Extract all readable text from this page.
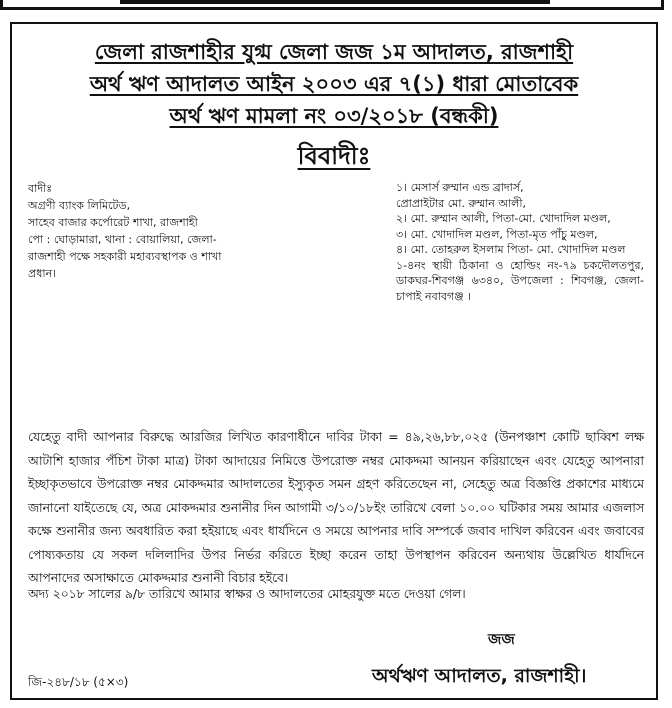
জেলা রাজশাহীর যুগ্ম জেলা জজ ১ম আদালত, রাজশাহী
অর্থ ঋণ আদালত আইন ২০০৩ এর ৭(১) ধারা মোতাবেক
অর্থ ঋণ মামলা নং ০৩/২০১৮ (বন্ধকী)
বিবাদীঃ
বাদীঃ
অগ্রণী ব্যাংক লিমিটেড,
সাহেব বাজার কর্পোরেট শাখা, রাজশাহী
পো : ঘোড়ামারা, থানা : বোয়ালিয়া, জেলা-
রাজশাহী পক্ষে সহকারী মহাব্যবস্থাপক ও শাখা
প্রধান।
১। মেসার্স রুম্মান এন্ড ব্রাদার্স,
প্রোপ্রাইটার মো. রুম্মান আলী,
২। মো. রুম্মান আলী, পিতা-মো. খোদাদিল মণ্ডল,
৩। মো. খোদাদিল মণ্ডল, পিতা-মৃত পাঁচু মণ্ডল,
৪। মো. তোহরুল ইসলাম পিতা- মো. খোদাদিল মণ্ডল
১-৪নং স্থায়ী ঠিকানা ও হোল্ডিং নং-৭৯ চকদৌলতপুর, ডাকঘর-শিবগঞ্জ ৬৩৪০, উপজেলা : শিবগঞ্জ, জেলা-চাপাই নবাবগঞ্জ ।
যেহেতু বাদী আপনার বিরুদ্ধে আরজির লিখিত কারণাধীনে দাবির টাকা = ৪৯,২৬,৮৮,০২৫ (উনপঞ্চাশ কোটি ছাব্বিশ লক্ষ আটাশি হাজার পঁচিশ টাকা মাত্র) টাকা আদায়ের নিমিত্তে উপরোক্ত নম্বর মোকদ্দমা আনয়ন করিয়াছেন এবং যেহেতু আপনারা ইচ্ছাকৃতভাবে উপরোক্ত নম্বর মোকদ্দমার আদালতের ইস্যুকৃত সমন গ্রহণ করিতেছেন না, সেহেতু অত্র বিজ্ঞপ্তি প্রকাশের মাধ্যমে জানানো যাইতেছে যে, অত্র মোকদ্দমার শুনানীর দিন আগামী ৩/১০/১৮ইং তারিখে বেলা ১০.০০ ঘটিকার সময় আমার এজলাস কক্ষে শুনানীর জন্য অবধারিত করা হইয়াছে এবং ধার্যদিনে ও সময়ে আপনার দাবি সম্পর্কে জবাব দাখিল করিবেন এবং জবাবের পোষ্যকতায় যে সকল দলিলাদির উপর নির্ভর করিতে ইচ্ছা করেন তাহা উপস্থাপন করিবেন অন্যথায় উল্লেখিত ধার্যদিনে আপনাদের অসাক্ষাতে মোকদ্দমার শুনানী বিচার হইবে।
অদ্য ২০১৮ সালের ৯/৮ তারিখে আমার স্বাক্ষর ও আদালতের মোহরযুক্ত মতে দেওয়া গেল।
জজ
অর্থঋণ আদালত, রাজশাহী।
জি-২৪৮/১৮ (৫×৩)
